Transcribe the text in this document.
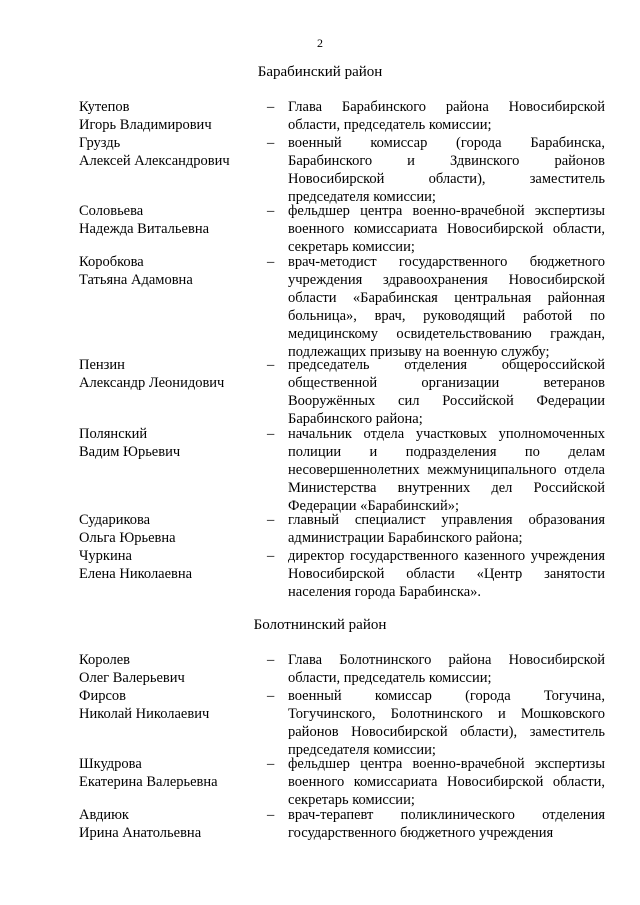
2
Барабинский район
Кутепов
Игорь Владимирович
– Глава Барабинского района Новосибирской области, председатель комиссии;
Груздь
Алексей Александрович
– военный комиссар (города Барабинска, Барабинского и Здвинского районов Новосибирской области), заместитель председателя комиссии;
Соловьева
Надежда Витальевна
– фельдшер центра военно-врачебной экспертизы военного комиссариата Новосибирской области, секретарь комиссии;
Коробкова
Татьяна Адамовна
– врач-методист государственного бюджетного учреждения здравоохранения Новосибирской области «Барабинская центральная районная больница», врач, руководящий работой по медицинскому освидетельствованию граждан, подлежащих призыву на военную службу;
Пензин
Александр Леонидович
– председатель отделения общероссийской общественной организации ветеранов Вооружённых сил Российской Федерации Барабинского района;
Полянский
Вадим Юрьевич
– начальник отдела участковых уполномоченных полиции и подразделения по делам несовершеннолетних межмуниципального отдела Министерства внутренних дел Российской Федерации «Барабинский»;
Сударикова
Ольга Юрьевна
– главный специалист управления образования администрации Барабинского района;
Чуркина
Елена Николаевна
– директор государственного казенного учреждения Новосибирской области «Центр занятости населения города Барабинска».
Болотнинский район
Королев
Олег Валерьевич
– Глава Болотнинского района Новосибирской области, председатель комиссии;
Фирсов
Николай Николаевич
– военный комиссар (города Тогучина, Тогучинского, Болотнинского и Мошковского районов Новосибирской области), заместитель председателя комиссии;
Шкудрова
Екатерина Валерьевна
– фельдшер центра военно-врачебной экспертизы военного комиссариата Новосибирской области, секретарь комиссии;
Авдиюк
Ирина Анатольевна
– врач-терапевт поликлинического отделения государственного бюджетного учреждения
